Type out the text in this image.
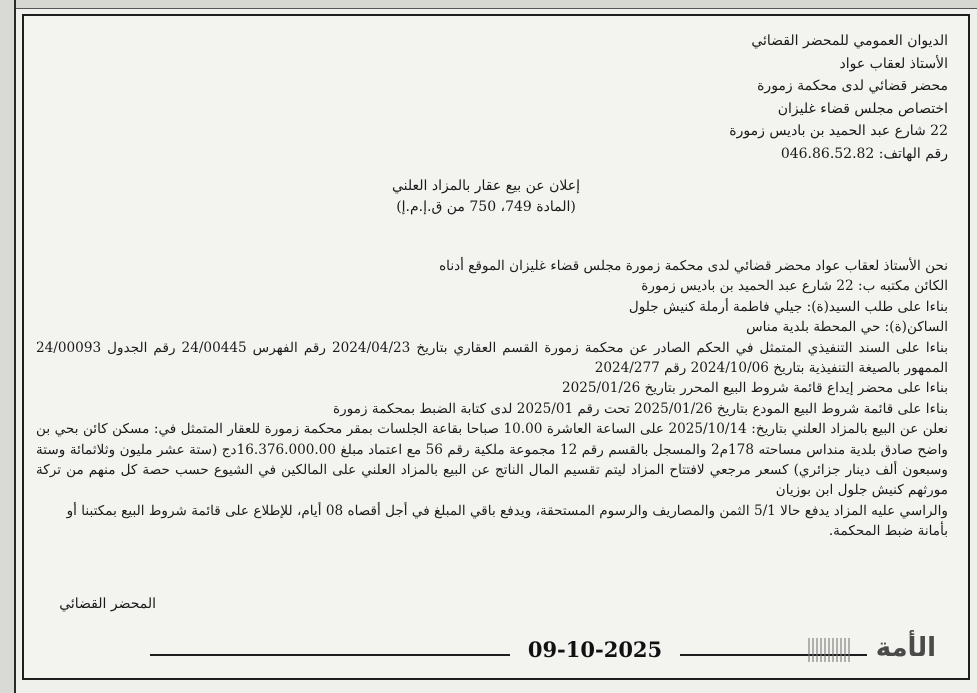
الديوان العمومي للمحضر القضائي
الأستاذ لعقاب عواد
محضر قضائي لدى محكمة زمورة
اختصاص مجلس قضاء غليزان
22 شارع عبد الحميد بن باديس زمورة
رقم الهاتف: 046.86.52.82
إعلان عن بيع عقار بالمزاد العلني
(المادة 749، 750 من ق.إ.م.إ)

نحن الأستاذ لعقاب عواد محضر قضائي لدى محكمة زمورة مجلس قضاء غليزان الموقع أدناه

الكائن مكتبه ب: 22 شارع عبد الحميد بن باديس زمورة

بناءا على طلب السيد(ة): جيلي فاطمة أرملة كنيش جلول

الساكن(ة): حي المحطة بلدية مناس

بناءا على السند التنفيذي المتمثل في الحكم الصادر عن محكمة زمورة القسم العقاري بتاريخ 2024/04/23 رقم الفهرس 24/00445 رقم الجدول 24/00093 الممهور بالصيغة التنفيذية بتاريخ 2024/10/06 رقم 2024/277

بناءا على محضر إيداع قائمة شروط البيع المحرر بتاريخ 2025/01/26

بناءا على قائمة شروط البيع المودع بتاريخ 2025/01/26 تحت رقم 2025/01 لدى كتابة الضبط بمحكمة زمورة

نعلن عن البيع بالمزاد العلني بتاريخ: 2025/10/14 على الساعة العاشرة 10.00 صباحا بقاعة الجلسات بمقر محكمة زمورة للعقار المتمثل في: مسكن كائن بحي بن واضح صادق بلدية منداس مساحته 178م2 والمسجل بالقسم رقم 12 مجموعة ملكية رقم 56 مع اعتماد مبلغ 16.376.000.00دج (ستة عشر مليون وثلاثمائة وستة وسبعون ألف دينار جزائري) كسعر مرجعي لافتتاح المزاد ليتم تقسيم المال الناتج عن البيع بالمزاد العلني على المالكين في الشيوع حسب حصة كل منهم من تركة مورثهم كنيش جلول ابن بوزيان

والراسي عليه المزاد يدفع حالا 5/1 الثمن والمصاريف والرسوم المستحقة، ويدفع باقي المبلغ في أجل أقصاه 08 أيام، للإطلاع على قائمة شروط البيع بمكتبنا أو بأمانة ضبط المحكمة.

المحضر القضائي
09-10-2025	الأمة
